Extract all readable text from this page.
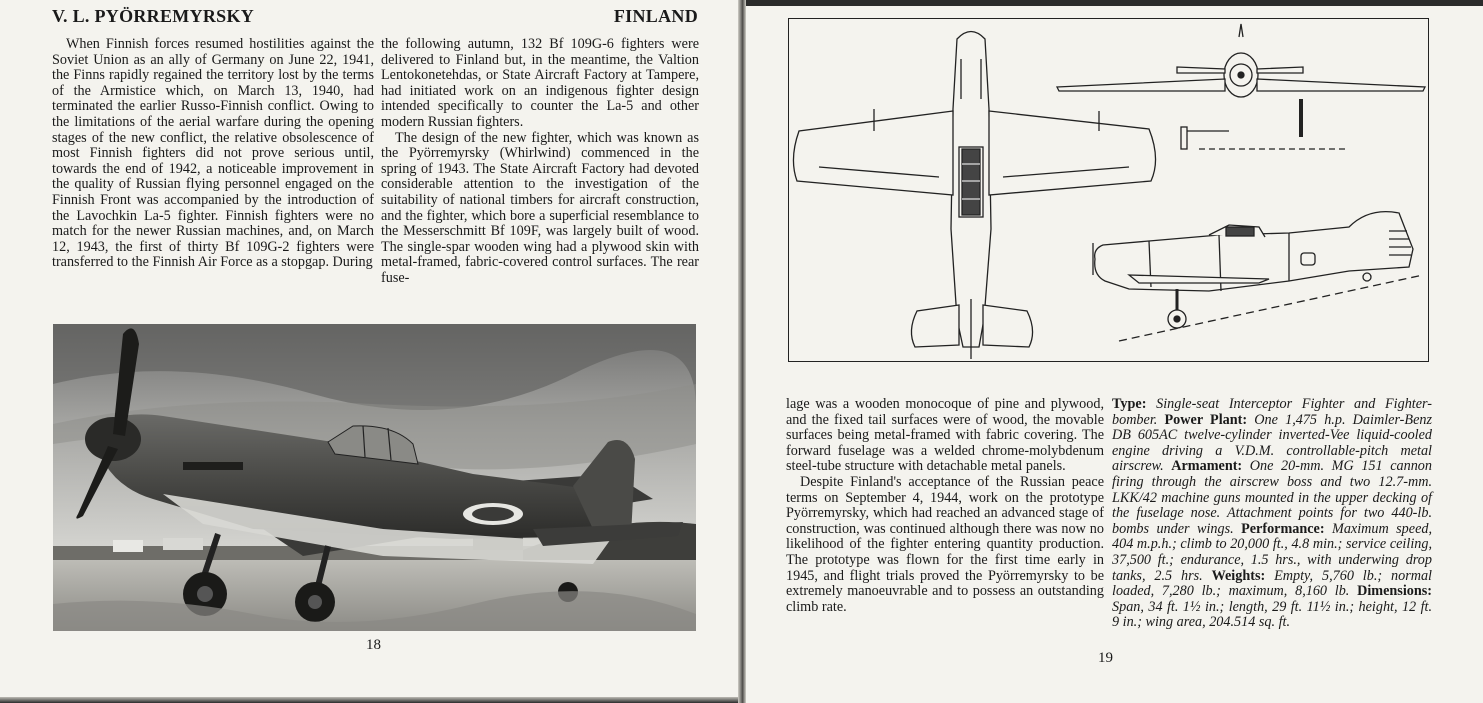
V. L. PYÖRREMYRSKY	FINLAND

When Finnish forces resumed hostilities against the Soviet Union as an ally of Germany on June 22, 1941, the Finns rapidly regained the territory lost by the terms of the Armistice which, on March 13, 1940, had terminated the earlier Russo-Finnish conflict. Owing to the limitations of the aerial warfare during the opening stages of the new conflict, the relative obsolescence of most Finnish fighters did not prove serious until, towards the end of 1942, a noticeable improvement in the quality of Russian flying personnel engaged on the Finnish Front was accompanied by the introduction of the Lavochkin La-5 fighter. Finnish fighters were no match for the newer Russian machines, and, on March 12, 1943, the first of thirty Bf 109G-2 fighters were transferred to the Finnish Air Force as a stopgap. During

the following autumn, 132 Bf 109G-6 fighters were delivered to Finland but, in the meantime, the Valtion Lentokonetehdas, or State Aircraft Factory at Tampere, had initiated work on an indigenous fighter design intended specifically to counter the La-5 and other modern Russian fighters.

The design of the new fighter, which was known as the Pyörremyrsky (Whirlwind) commenced in the spring of 1943. The State Aircraft Factory had devoted considerable attention to the investigation of the suitability of national timbers for aircraft construction, and the fighter, which bore a superficial resemblance to the Messerschmitt Bf 109F, was largely built of wood. The single-spar wooden wing had a plywood skin with metal-framed, fabric-covered control surfaces. The rear fuse-

18

lage was a wooden monocoque of pine and plywood, and the fixed tail surfaces were of wood, the movable surfaces being metal-framed with fabric covering. The forward fuselage was a welded chrome-molybdenum steel-tube structure with detachable metal panels.

Despite Finland's acceptance of the Russian peace terms on September 4, 1944, work on the prototype Pyörremyrsky, which had reached an advanced stage of construction, was continued although there was now no likelihood of the fighter entering quantity production. The prototype was flown for the first time early in 1945, and flight trials proved the Pyörremyrsky to be extremely manoeuvrable and to possess an outstanding climb rate.

Type: Single-seat Interceptor Fighter and Fighter-bomber. Power Plant: One 1,475 h.p. Daimler-Benz DB 605AC twelve-cylinder inverted-Vee liquid-cooled engine driving a V.D.M. controllable-pitch metal airscrew. Armament: One 20-mm. MG 151 cannon firing through the airscrew boss and two 12.7-mm. LKK/42 machine guns mounted in the upper decking of the fuselage nose. Attachment points for two 440-lb. bombs under wings. Performance: Maximum speed, 404 m.p.h.; climb to 20,000 ft., 4.8 min.; service ceiling, 37,500 ft.; endurance, 1.5 hrs., with underwing drop tanks, 2.5 hrs. Weights: Empty, 5,760 lb.; normal loaded, 7,280 lb.; maximum, 8,160 lb. Dimensions: Span, 34 ft. 1½ in.; length, 29 ft. 11½ in.; height, 12 ft. 9 in.; wing area, 204.514 sq. ft.

19
